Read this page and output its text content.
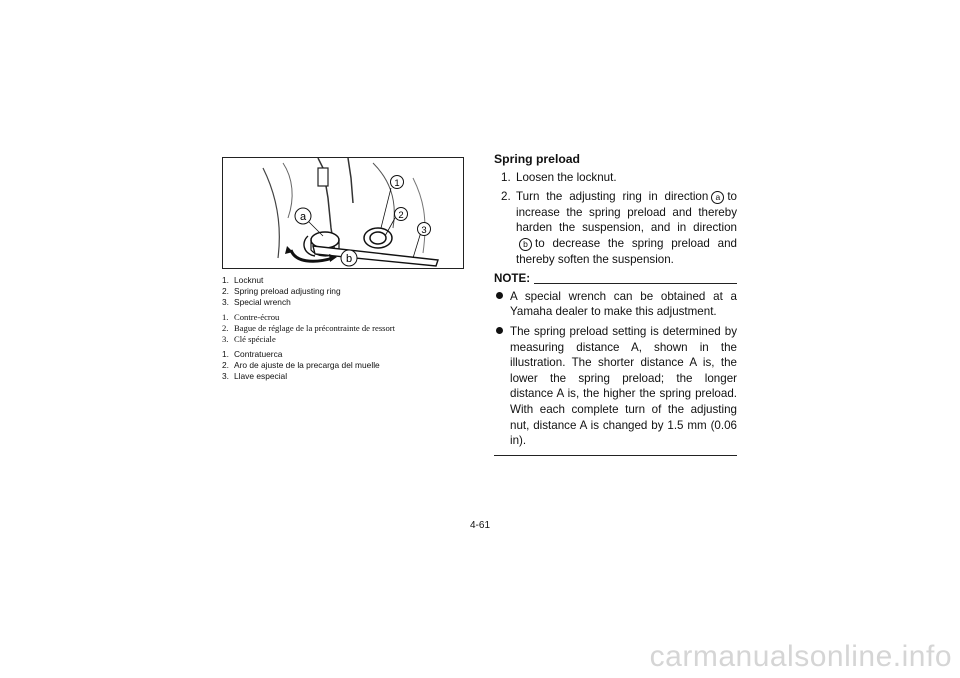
a
b
1
2
3
1. Locknut
2. Spring preload adjusting ring
3. Special wrench
1. Contre-écrou
2. Bague de réglage de la précontrainte de ressort
3. Clé spéciale
1. Contratuerca
2. Aro de ajuste de la precarga del muelle
3. Llave especial
Spring preload
1. Loosen the locknut.
2. Turn the adjusting ring in direction a to increase the spring preload and thereby harden the suspension, and in directionb to decrease the spring preload and thereby soften the suspension.
NOTE:
A special wrench can be obtained at a Yamaha dealer to make this adjustment.
The spring preload setting is determined by measuring distance A, shown in the illustration. The shorter distance A is, the lower the spring preload; the longer distance A is, the higher the spring preload. With each complete turn of the adjusting nut, distance A is changed by 1.5 mm (0.06 in).
4-61
carmanualsonline.info
